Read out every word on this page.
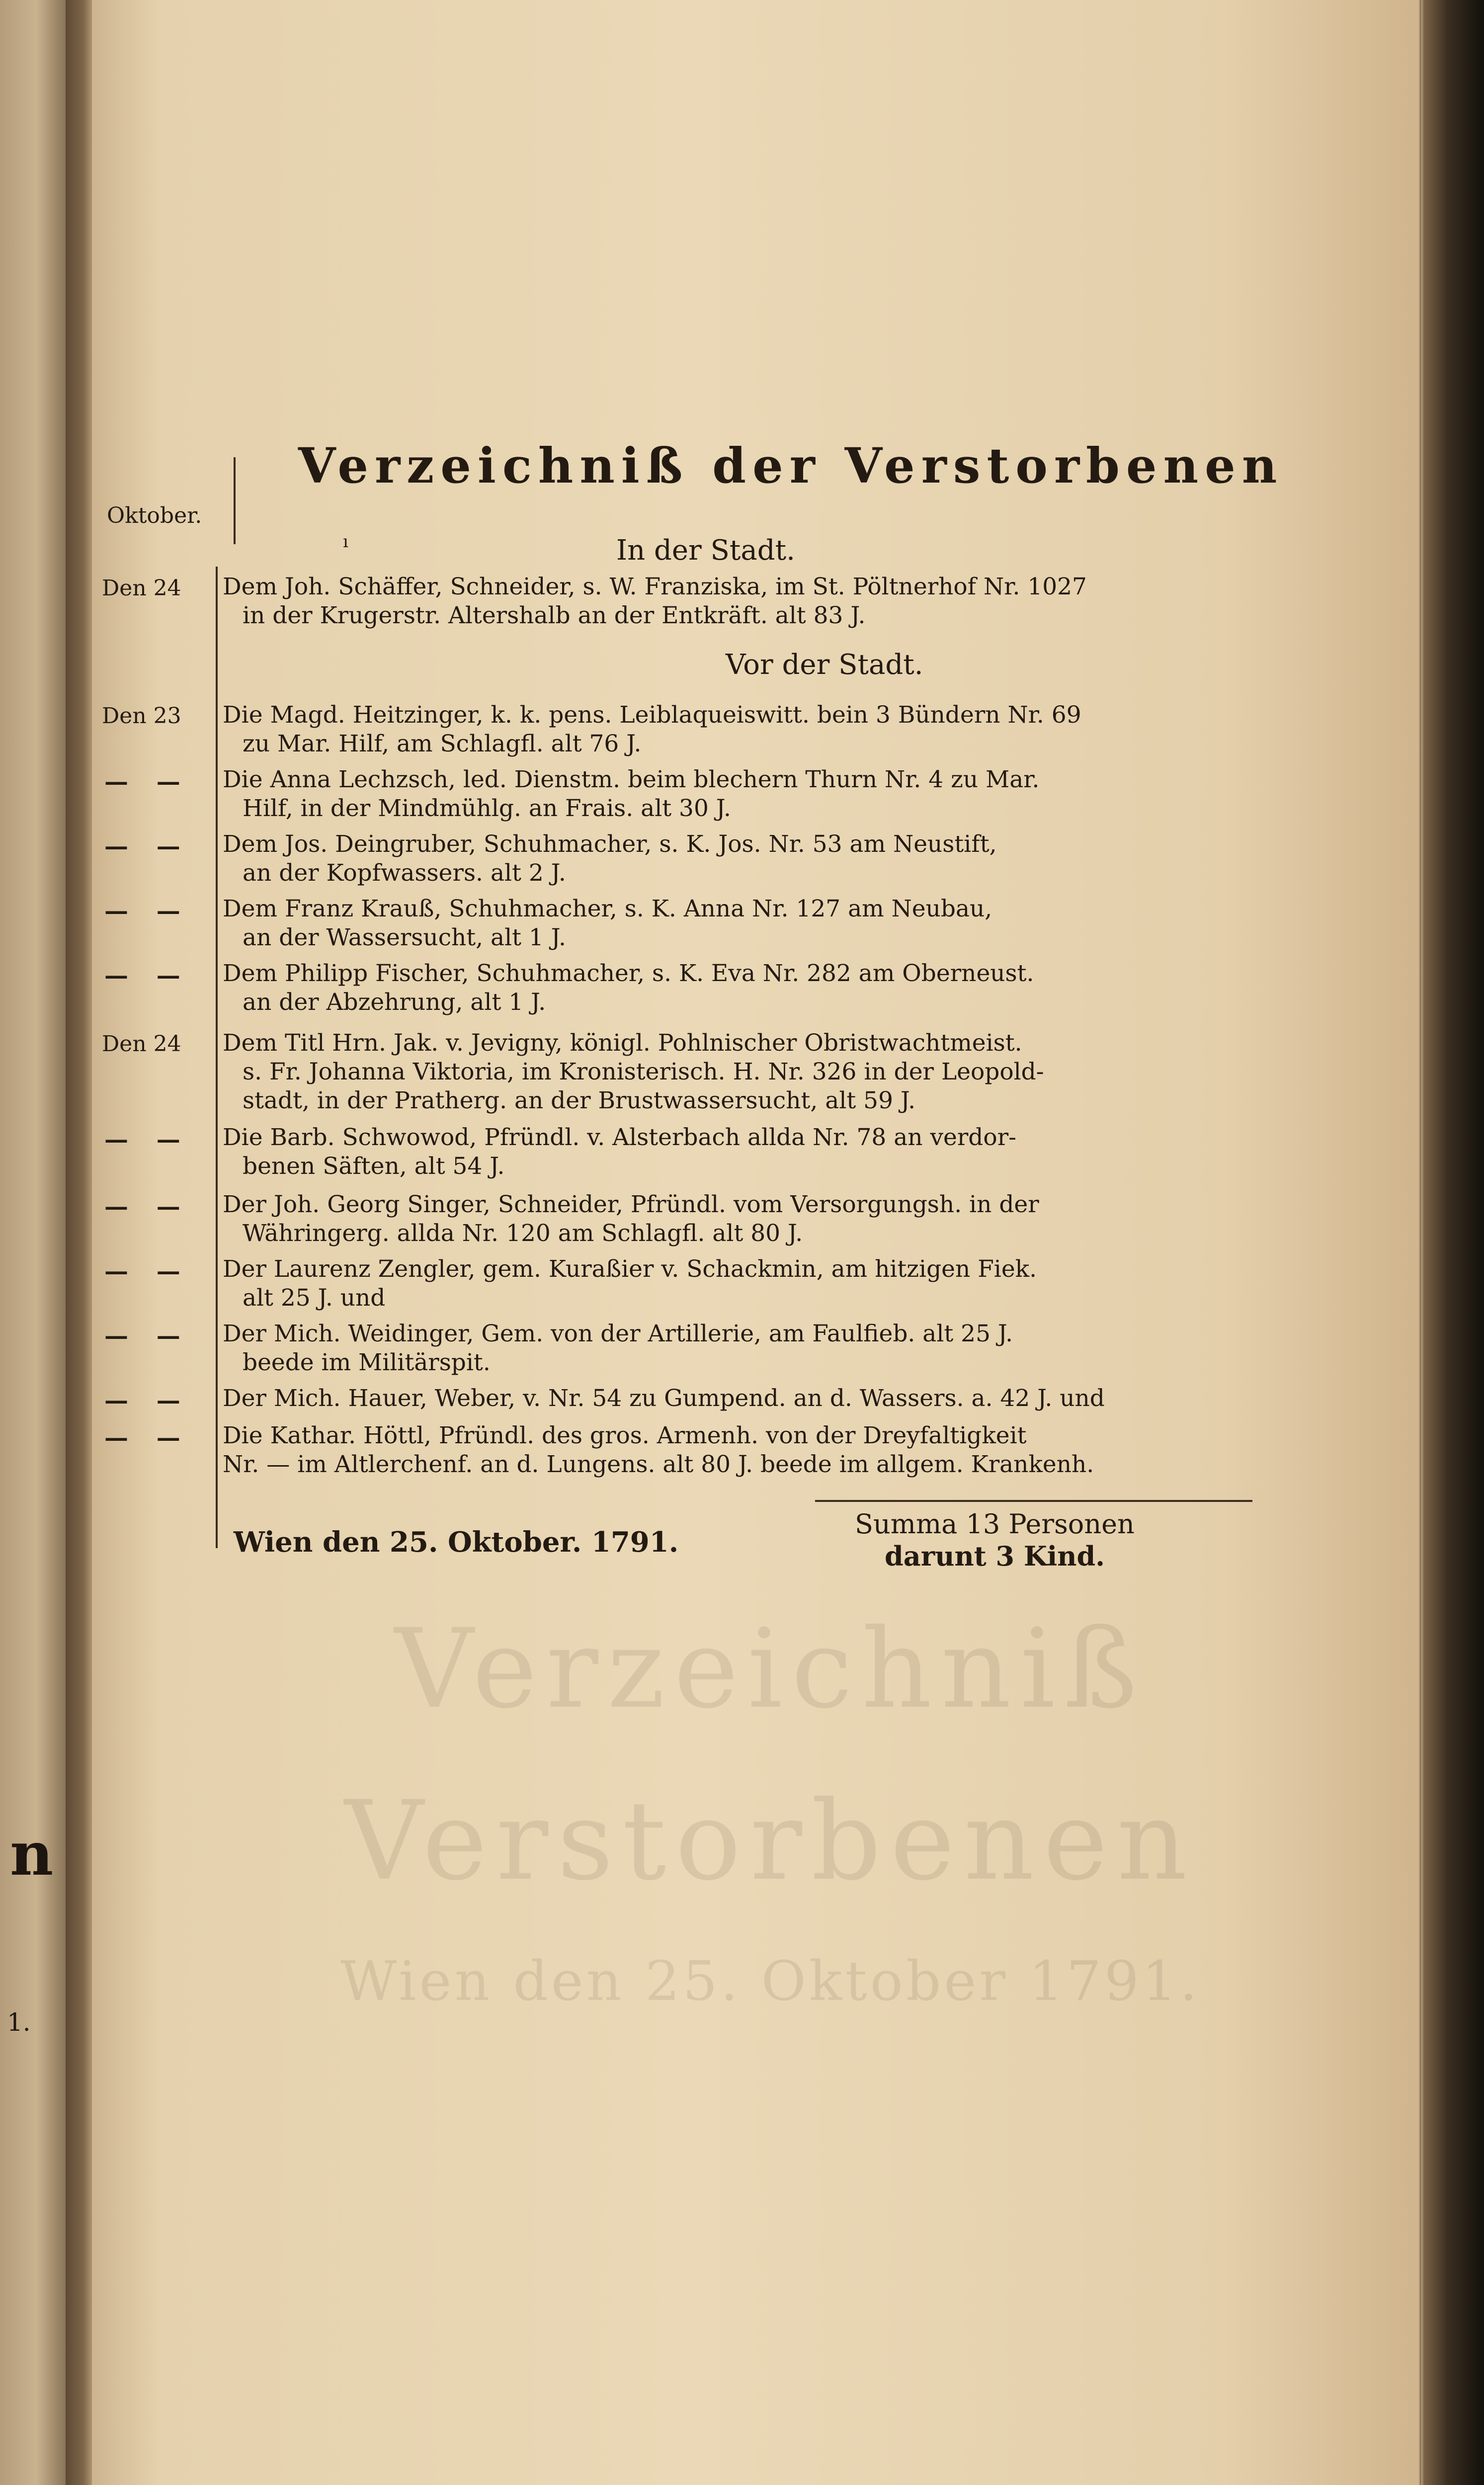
n
1.
Verzeichniß
Verstorbenen
Wien den 25. Oktober 1791.
Verzeichniß der Verstorbenen
Oktober.
ı	In der Stadt.
Den 24 Dem Joh. Schäffer, Schneider, s. W. Franziska, im St. Pöltnerhof Nr. 1027
in der Krugerstr. Altershalb an der Entkräft. alt 83 J.
Vor der Stadt.
Den 23 Die Magd. Heitzinger, k. k. pens. Leiblaqueiswitt. bein 3 Bündern Nr. 69
zu Mar. Hilf, am Schlagfl. alt 76 J.
— — Die Anna Lechzsch, led. Dienstm. beim blechern Thurn Nr. 4 zu Mar.
Hilf, in der Mindmühlg. an Frais. alt 30 J.
— — Dem Jos. Deingruber, Schuhmacher, s. K. Jos. Nr. 53 am Neustift,
an der Kopfwassers. alt 2 J.
— — Dem Franz Krauß, Schuhmacher, s. K. Anna Nr. 127 am Neubau,
an der Wassersucht, alt 1 J.
— — Dem Philipp Fischer, Schuhmacher, s. K. Eva Nr. 282 am Oberneust.
an der Abzehrung, alt 1 J.
Den 24 Dem Titl Hrn. Jak. v. Jevigny, königl. Pohlnischer Obristwachtmeist.
s. Fr. Johanna Viktoria, im Kronisterisch. H. Nr. 326 in der Leopold-
stadt, in der Pratherg. an der Brustwassersucht, alt 59 J.
— — Die Barb. Schwowod, Pfründl. v. Alsterbach allda Nr. 78 an verdor-
benen Säften, alt 54 J.
— — Der Joh. Georg Singer, Schneider, Pfründl. vom Versorgungsh. in der
Währingerg. allda Nr. 120 am Schlagfl. alt 80 J.
— — Der Laurenz Zengler, gem. Kuraßier v. Schackmin, am hitzigen Fiek.
alt 25 J. und
— — Der Mich. Weidinger, Gem. von der Artillerie, am Faulfieb. alt 25 J.
beede im Militärspit.
— — Der Mich. Hauer, Weber, v. Nr. 54 zu Gumpend. an d. Wassers. a. 42 J. und
— — Die Kathar. Höttl, Pfründl. des gros. Armenh. von der Dreyfaltigkeit
Nr. — im Altlerchenf. an d. Lungens. alt 80 J. beede im allgem. Krankenh.
Summa 13 Personen
darunt 3 Kind.
Wien den 25. Oktober. 1791.
